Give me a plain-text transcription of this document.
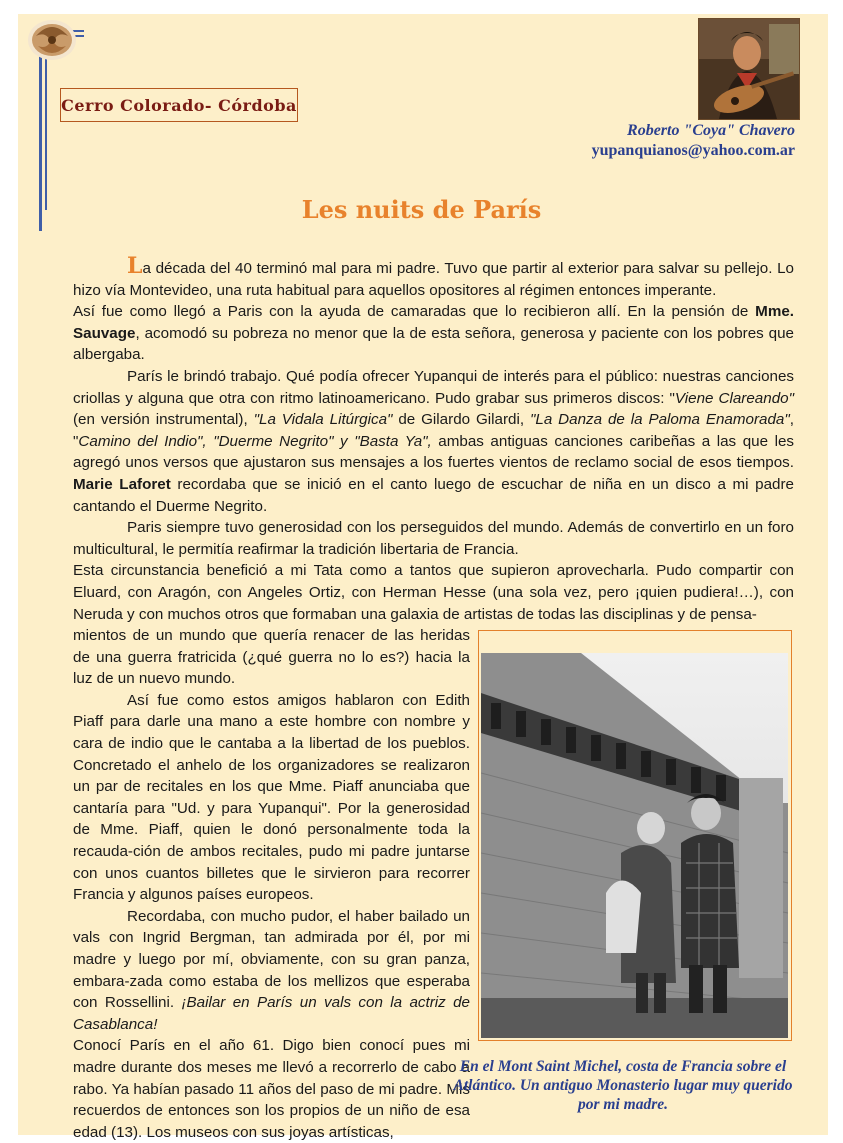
Cerro Colorado- Córdoba
Roberto "Coya" Chavero
yupanquianos@yahoo.com.ar
Les nuits de París

La década del 40 terminó mal para mi padre. Tuvo que partir al exterior para salvar su pellejo. Lo hizo vía Montevideo, una ruta habitual para aquellos opositores al régimen entonces imperante.

Así fue como llegó a Paris con la ayuda de camaradas que lo recibieron allí. En la pensión de Mme. Sauvage, acomodó su pobreza no menor que la de esta señora, generosa y paciente con los pobres que albergaba.

París le brindó trabajo. Qué podía ofrecer Yupanqui de interés para el público: nuestras canciones criollas y alguna que otra con ritmo latinoamericano. Pudo grabar sus primeros discos: "Viene Clareando" (en versión instrumental), "La Vidala Litúrgica" de Gilardo Gilardi, "La Danza de la Paloma Enamorada", "Camino del Indio", "Duerme Negrito" y "Basta Ya", ambas antiguas canciones caribeñas a las que les agregó unos versos que ajustaron sus mensajes a los fuertes vientos de reclamo social de esos tiempos. Marie Laforet recordaba que se inició en el canto luego de escuchar de niña en un disco a mi padre cantando el Duerme Negrito.

Paris siempre tuvo generosidad con los perseguidos del mundo. Además de convertirlo en un foro multicultural, le permitía reafirmar la tradición libertaria de Francia.

Esta circunstancia benefició a mi Tata como a tantos que supieron aprovecharla. Pudo compartir con Eluard, con Aragón, con Angeles Ortiz, con Herman Hesse (una sola vez, pero ¡quien pudiera!…), con Neruda y con muchos otros que formaban una galaxia de artistas de todas las disciplinas y de pensa-

mientos de un mundo que quería renacer de las heridas de una guerra fratricida (¿qué guerra no lo es?) hacia la luz de un nuevo mundo.

Así fue como estos amigos hablaron con Edith Piaff para darle una mano a este hombre con nombre y cara de indio que le cantaba a la libertad de los pueblos. Concretado el anhelo de los organizadores se realizaron un par de recitales en los que Mme. Piaff anunciaba que cantaría para "Ud. y para Yupanqui". Por la generosidad de Mme. Piaff, quien le donó personalmente toda la recauda-ción de ambos recitales, pudo mi padre juntarse con unos cuantos billetes que le sirvieron para recorrer Francia y algunos países europeos.

Recordaba, con mucho pudor, el haber bailado un vals con Ingrid Bergman, tan admirada por él, por mi madre y luego por mí, obviamente, con su gran panza, embara-zada como estaba de los mellizos que esperaba con Rossellini. ¡Bailar en París un vals con la actriz de Casablanca!

Conocí París en el año 61. Digo bien conocí pues mi madre durante dos meses me llevó a recorrerlo de cabo a rabo. Ya habían pasado 11 años del paso de mi padre. Mis recuerdos de entonces son los propios de un niño de esa edad (13). Los museos con sus joyas artísticas,

En el Mont Saint Michel, costa de Francia sobre el Atlántico. Un antiguo Monasterio lugar muy querido por mi madre.
